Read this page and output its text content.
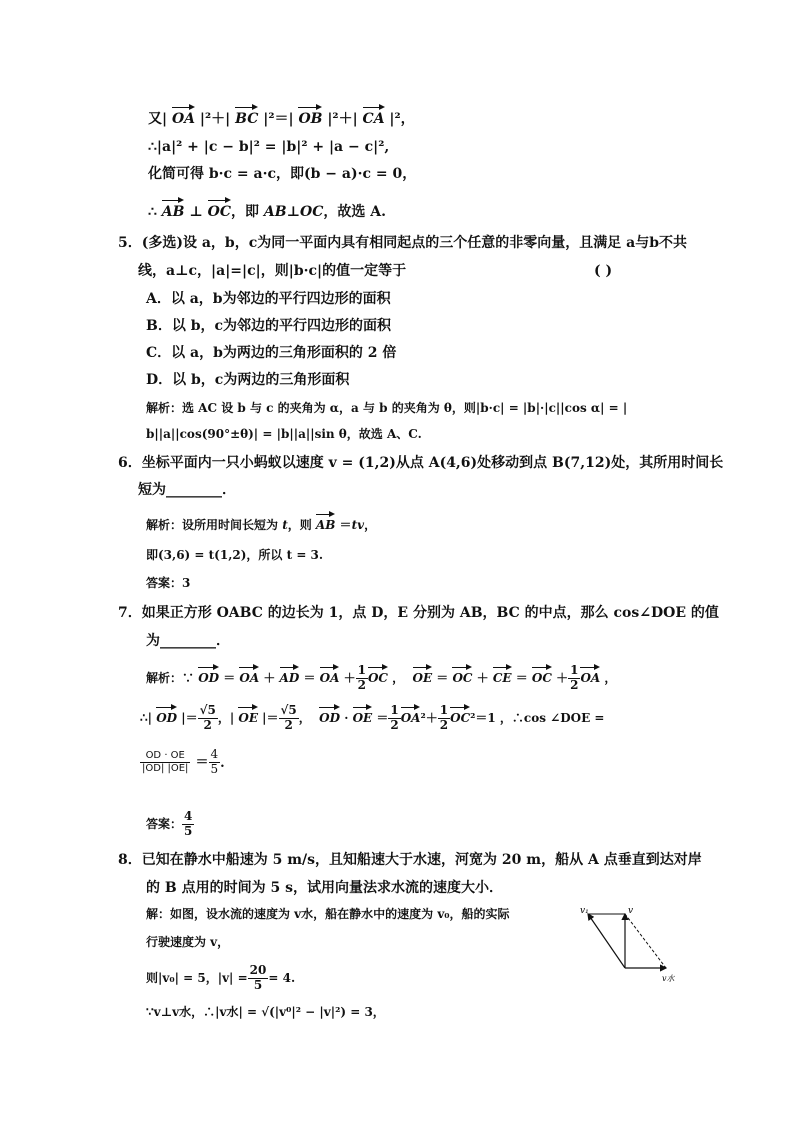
又| OA |²＋| BC |²＝| OB |²＋| CA |²，
∴|a|² + |c − b|² = |b|² + |a − c|²,
化简可得 b·c = a·c，即(b − a)·c = 0，
∴ AB ⊥ OC，即 AB⊥OC，故选 A.
5．(多选)设 a，b，c为同一平面内具有相同起点的三个任意的非零向量，且满足 a与b不共
线，a⊥c，|a|=|c|，则|b·c|的值一定等于	( )
A．以 a，b为邻边的平行四边形的面积
B．以 b，c为邻边的平行四边形的面积
C．以 a，b为两边的三角形面积的 2 倍
D．以 b，c为两边的三角形面积
解析：选 AC 设 b 与 c 的夹角为 α，a 与 b 的夹角为 θ，则|b·c| = |b|·|c||cos α| = |
b||a||cos(90°±θ)| = |b||a||sin θ，故选 A、C.
6．坐标平面内一只小蚂蚁以速度 v = (1,2)从点 A(4,6)处移动到点 B(7,12)处，其所用时间长
短为________．
解析：设所用时间长短为 t，则 AB ＝tv，
即(3,6) = t(1,2)，所以 t = 3.
答案：3
7．如果正方形 OABC 的边长为 1，点 D，E 分别为 AB，BC 的中点，那么 cos∠DOE 的值
为________．
解析：∵ OD ＝ OA ＋ AD ＝ OA ＋ $\frac{1}{2}$ OC ，  OE ＝ OC ＋ CE ＝ OC ＋ $\frac{1}{2}$ OA ，
∴| OD |＝ $\frac{√5}{2}$ ，| OE |＝ $\frac{√5}{2}$ ，  OD · OE ＝ $\frac{1}{2} OA^2+ \frac{1}{2} OC^2=1$ ，∴cos ∠DOE =
$\frac{OD \cdot OE}{|OD| |OE|} = \frac{4}{5}$ .
答案： $\frac{4}{5}$
8．已知在静水中船速为 5 m/s，且知船速大于水速，河宽为 20 m，船从 A 点垂直到达对岸
的 B 点用的时间为 5 s，试用向量法求水流的速度大小．
解：如图，设水流的速度为 v水，船在静水中的速度为 v₀，船的实际
行驶速度为 v，
则|v₀| = 5，$|v| = \frac{20}{5} = 4$.
∵v⊥v水，∴|v水| = √(|v⁰|² − |v|²) = 3，
v₁	v
v水
